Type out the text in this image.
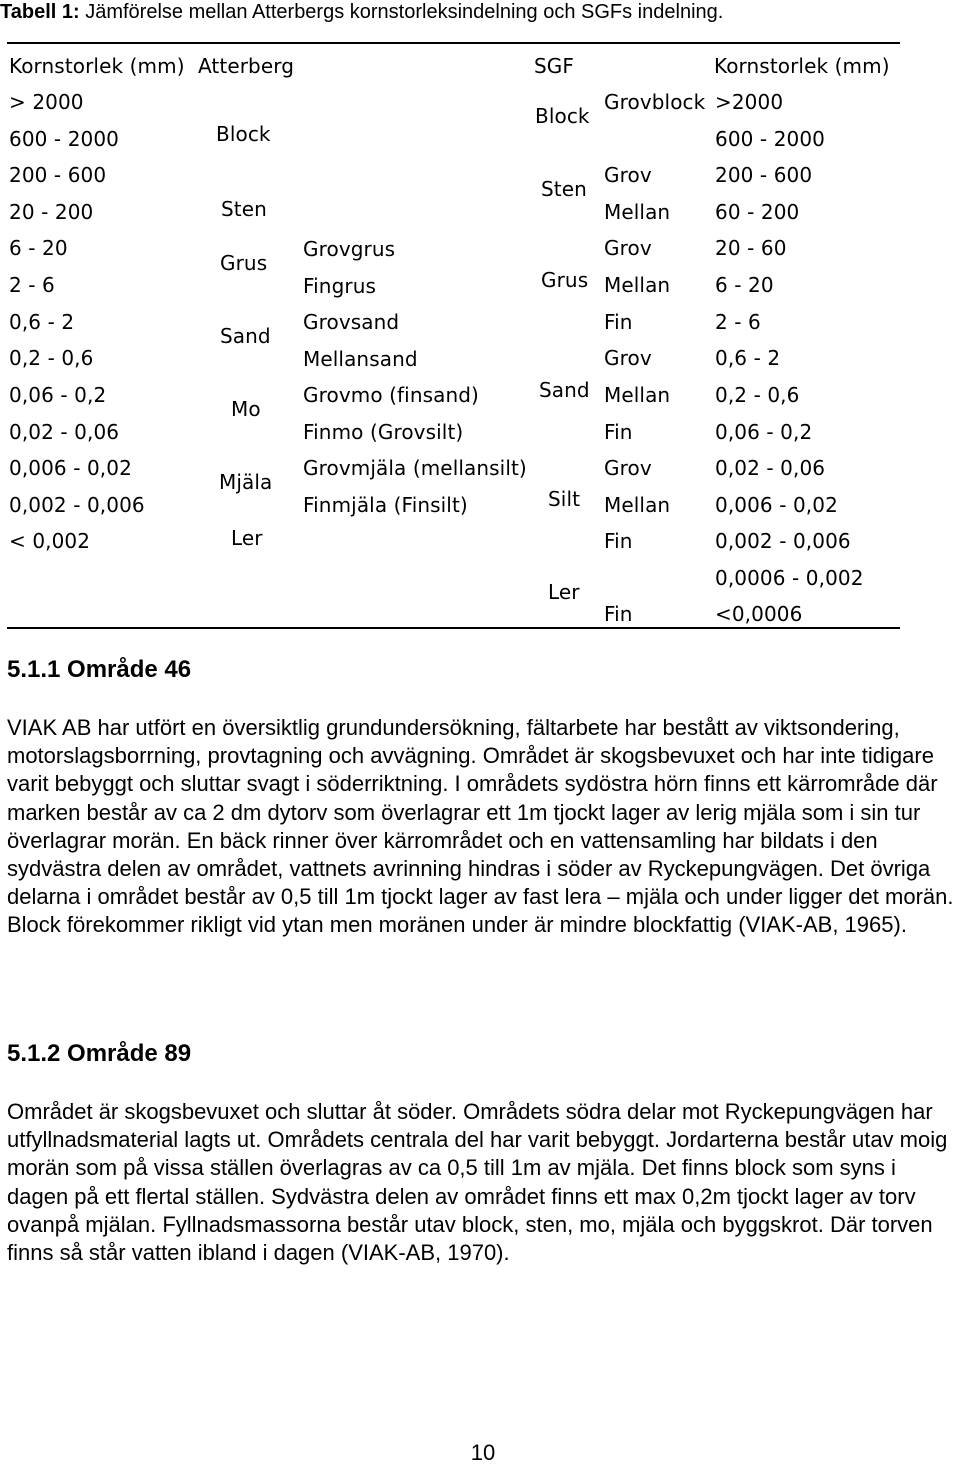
Tabell 1: Jämförelse mellan Atterbergs kornstorleksindelning och SGFs indelning.
Kornstorlek (mm) Atterberg	SGF	Kornstorlek (mm)
> 2000
600 - 2000
200 - 600
20 - 200
6 - 20
2 - 6
0,6 - 2
0,2 - 0,6
0,06 - 0,2
0,02 - 0,06
0,006 - 0,02
0,002 - 0,006
< 0,002
Block
Sten
Grus
Sand
Mo
Mjäla
Ler
Grovgrus
Fingrus
Grovsand
Mellansand
Grovmo (finsand)
Finmo (Grovsilt)
Grovmjäla (mellansilt)
Finmjäla (Finsilt)
Block
Sten
Grus
Sand
Silt
Ler
Grovblock
Grov
Mellan
Grov
Mellan
Fin
Grov
Mellan
Fin
Grov
Mellan
Fin
Fin
>2000
600 - 2000
200 - 600
60 - 200
20 - 60
6 - 20
2 - 6
0,6 - 2
0,2 - 0,6
0,06 - 0,2
0,02 - 0,06
0,006 - 0,02
0,002 - 0,006
0,0006 - 0,002
<0,0006
5.1.1 Område 46

VIAK AB har utfört en översiktlig grundundersökning, fältarbete har bestått av viktsondering, motorslagsborrning, provtagning och avvägning. Området är skogsbevuxet och har inte tidigare varit bebyggt och sluttar svagt i söderriktning. I områdets sydöstra hörn finns ett kärrområde där marken består av ca 2 dm dytorv som överlagrar ett 1m tjockt lager av lerig mjäla som i sin tur överlagrar morän. En bäck rinner över kärrområdet och en vattensamling har bildats i den sydvästra delen av området, vattnets avrinning hindras i söder av Ryckepungvägen. Det övriga delarna i området består av 0,5 till 1m tjockt lager av fast lera – mjäla och under ligger det morän. Block förekommer rikligt vid ytan men moränen under är mindre blockfattig (VIAK-AB, 1965).

5.1.2 Område 89

Området är skogsbevuxet och sluttar åt söder. Områdets södra delar mot Ryckepungvägen har utfyllnadsmaterial lagts ut. Områdets centrala del har varit bebyggt. Jordarterna består utav moig morän som på vissa ställen överlagras av ca 0,5 till 1m av mjäla. Det finns block som syns i dagen på ett flertal ställen. Sydvästra delen av området finns ett max 0,2m tjockt lager av torv ovanpå mjälan. Fyllnadsmassorna består utav block, sten, mo, mjäla och byggskrot. Där torven finns så står vatten ibland i dagen (VIAK-AB, 1970).

10
